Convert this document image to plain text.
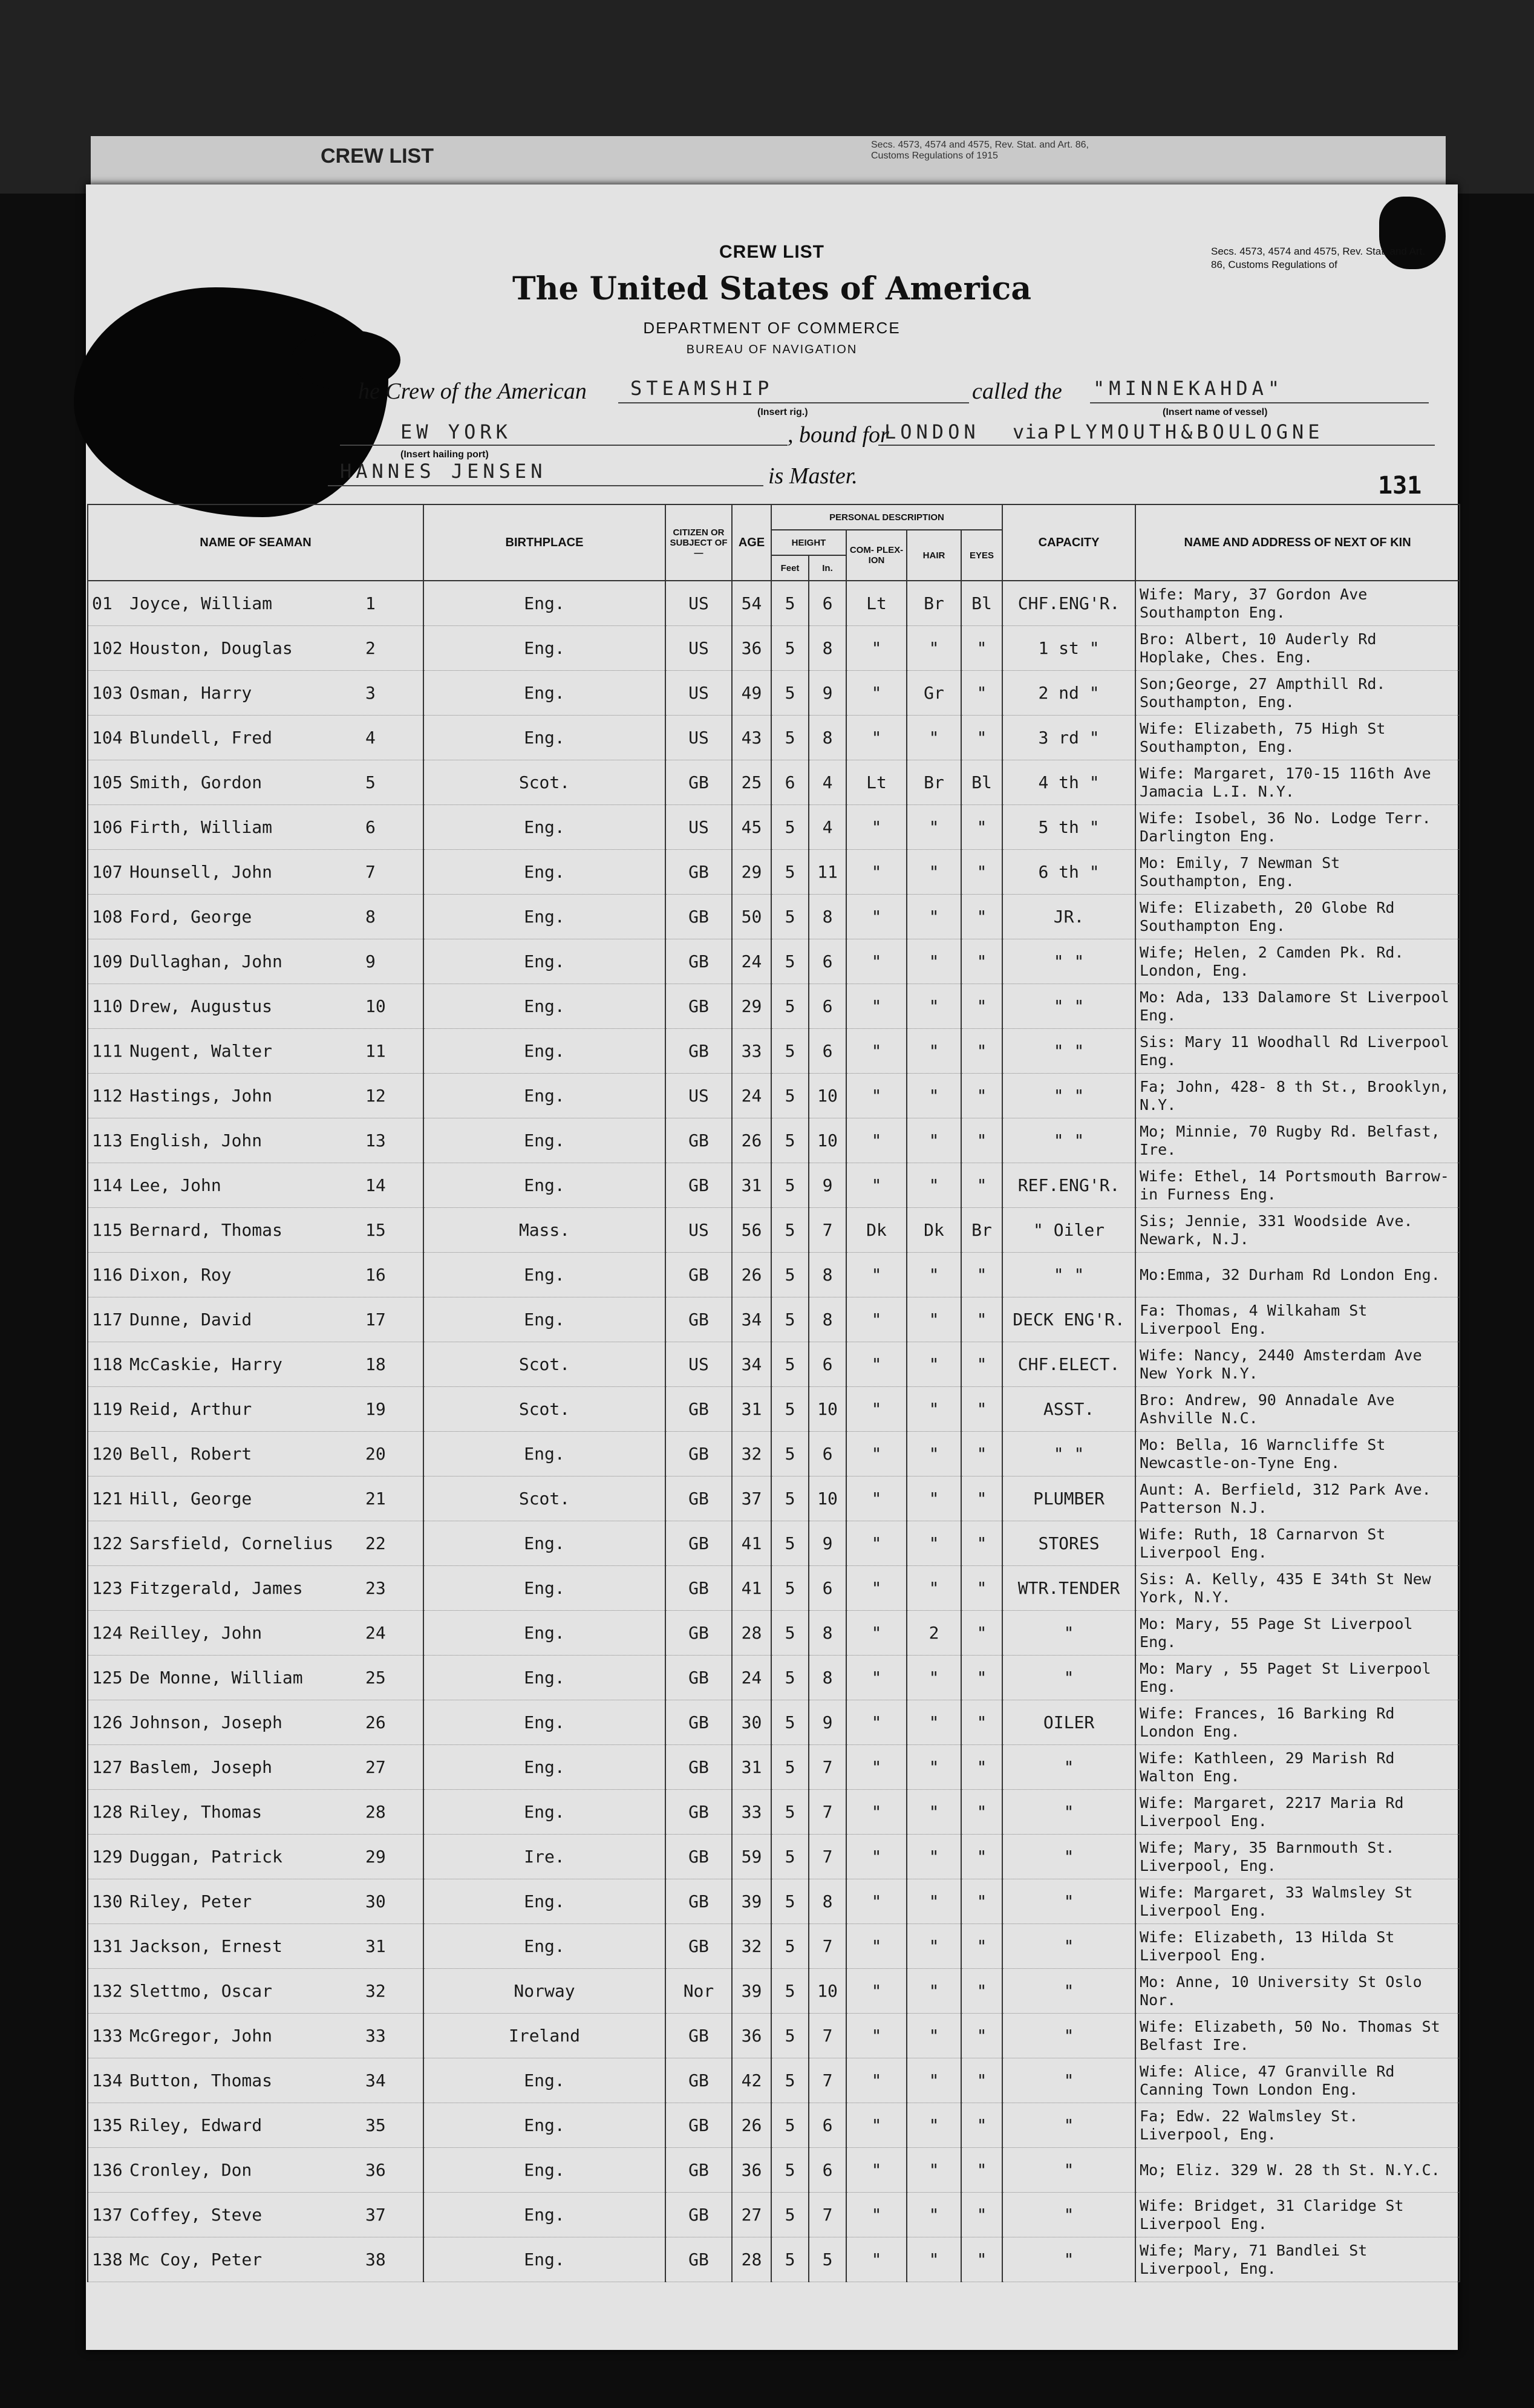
CREW LIST	Secs. 4573, 4574 and 4575, Rev. Stat. and Art. 86, Customs Regulations of 1915
CREW LIST
The United States of America
DEPARTMENT OF COMMERCE
BUREAU OF NAVIGATION
Secs. 4573, 4574 and 4575, Rev. Stat. and Art. 86, Customs Regulations of
he Crew of the American STEAMSHIP
(Insert rig.)
called the "MINNEKAHDA"
(Insert name of vessel)
EW YORK
(Insert hailing port)
, bound for
LONDON via PLYMOUTH&BOULOGNE
HANNES JENSEN	is Master.	131
NAME OF SEAMAN	BIRTHPLACE	CITIZEN OR SUBJECT OF—	AGE	PERSONAL DESCRIPTION					CAPACITY	NAME AND ADDRESS OF NEXT OF KIN
				HEIGHT		COM- PLEX- ION	HAIR	EYES		
				Feet	In.					
01 Joyce, William 1	Eng.	US	54	5	6	Lt	Br	Bl	CHF.ENG'R.	Wife: Mary, 37 Gordon Ave Southampton Eng.
102 Houston, Douglas 2	Eng.	US	36	5	8	"	"	"	1 st "	Bro: Albert, 10 Auderly Rd Hoplake, Ches. Eng.
103 Osman, Harry 3	Eng.	US	49	5	9	"	Gr	"	2 nd "	Son;George, 27 Ampthill Rd. Southampton, Eng.
104 Blundell, Fred 4	Eng.	US	43	5	8	"	"	"	3 rd "	Wife: Elizabeth, 75 High St Southampton, Eng.
105 Smith, Gordon 5	Scot.	GB	25	6	4	Lt	Br	Bl	4 th "	Wife: Margaret, 170-15 116th Ave Jamacia L.I. N.Y.
106 Firth, William 6	Eng.	US	45	5	4	"	"	"	5 th "	Wife: Isobel, 36 No. Lodge Terr. Darlington Eng.
107 Hounsell, John 7	Eng.	GB	29	5	11	"	"	"	6 th "	Mo: Emily, 7 Newman St Southampton, Eng.
108 Ford, George 8	Eng.	GB	50	5	8	"	"	"	JR.	Wife: Elizabeth, 20 Globe Rd Southampton Eng.
109 Dullaghan, John 9	Eng.	GB	24	5	6	"	"	"	" "	Wife; Helen, 2 Camden Pk. Rd. London, Eng.
110 Drew, Augustus 10	Eng.	GB	29	5	6	"	"	"	" "	Mo: Ada, 133 Dalamore St Liverpool Eng.
111 Nugent, Walter 11	Eng.	GB	33	5	6	"	"	"	" "	Sis: Mary 11 Woodhall Rd Liverpool Eng.
112 Hastings, John 12	Eng.	US	24	5	10	"	"	"	" "	Fa; John, 428- 8 th St., Brooklyn, N.Y.
113 English, John 13	Eng.	GB	26	5	10	"	"	"	" "	Mo; Minnie, 70 Rugby Rd. Belfast, Ire.
114 Lee, John 14	Eng.	GB	31	5	9	"	"	"	REF.ENG'R.	Wife: Ethel, 14 Portsmouth Barrow-in Furness Eng.
115 Bernard, Thomas 15	Mass.	US	56	5	7	Dk	Dk	Br	" Oiler	Sis; Jennie, 331 Woodside Ave. Newark, N.J.
116 Dixon, Roy 16	Eng.	GB	26	5	8	"	"	"	" "	Mo:Emma, 32 Durham Rd London Eng.
117 Dunne, David 17	Eng.	GB	34	5	8	"	"	"	DECK ENG'R.	Fa: Thomas, 4 Wilkaham St Liverpool Eng.
118 McCaskie, Harry 18	Scot.	US	34	5	6	"	"	"	CHF.ELECT.	Wife: Nancy, 2440 Amsterdam Ave New York N.Y.
119 Reid, Arthur 19	Scot.	GB	31	5	10	"	"	"	ASST.	Bro: Andrew, 90 Annadale Ave Ashville N.C.
120 Bell, Robert 20	Eng.	GB	32	5	6	"	"	"	" "	Mo: Bella, 16 Warncliffe St Newcastle-on-Tyne Eng.
121 Hill, George 21	Scot.	GB	37	5	10	"	"	"	PLUMBER	Aunt: A. Berfield, 312 Park Ave. Patterson N.J.
122 Sarsfield, Cornelius 22	Eng.	GB	41	5	9	"	"	"	STORES	Wife: Ruth, 18 Carnarvon St Liverpool Eng.
123 Fitzgerald, James 23	Eng.	GB	41	5	6	"	"	"	WTR.TENDER	Sis: A. Kelly, 435 E 34th St New York, N.Y.
124 Reilley, John 24	Eng.	GB	28	5	8	"	2	"	"	Mo: Mary, 55 Page St Liverpool Eng.
125 De Monne, William 25	Eng.	GB	24	5	8	"	"	"	"	Mo: Mary , 55 Paget St Liverpool Eng.
126 Johnson, Joseph 26	Eng.	GB	30	5	9	"	"	"	OILER	Wife: Frances, 16 Barking Rd London Eng.
127 Baslem, Joseph 27	Eng.	GB	31	5	7	"	"	"	"	Wife: Kathleen, 29 Marish Rd Walton Eng.
128 Riley, Thomas 28	Eng.	GB	33	5	7	"	"	"	"	Wife: Margaret, 2217 Maria Rd Liverpool Eng.
129 Duggan, Patrick 29	Ire.	GB	59	5	7	"	"	"	"	Wife; Mary, 35 Barnmouth St. Liverpool, Eng.
130 Riley, Peter 30	Eng.	GB	39	5	8	"	"	"	"	Wife: Margaret, 33 Walmsley St Liverpool Eng.
131 Jackson, Ernest 31	Eng.	GB	32	5	7	"	"	"	"	Wife: Elizabeth, 13 Hilda St Liverpool Eng.
132 Slettmo, Oscar 32	Norway	Nor	39	5	10	"	"	"	"	Mo: Anne, 10 University St Oslo Nor.
133 McGregor, John 33	Ireland	GB	36	5	7	"	"	"	"	Wife: Elizabeth, 50 No. Thomas St Belfast Ire.
134 Button, Thomas 34	Eng.	GB	42	5	7	"	"	"	"	Wife: Alice, 47 Granville Rd Canning Town London Eng.
135 Riley, Edward 35	Eng.	GB	26	5	6	"	"	"	"	Fa; Edw. 22 Walmsley St. Liverpool, Eng.
136 Cronley, Don 36	Eng.	GB	36	5	6	"	"	"	"	Mo; Eliz. 329 W. 28 th St. N.Y.C.
137 Coffey, Steve 37	Eng.	GB	27	5	7	"	"	"	"	Wife: Bridget, 31 Claridge St Liverpool Eng.
138 Mc Coy, Peter 38	Eng.	GB	28	5	5	"	"	"	"	Wife; Mary, 71 Bandlei St Liverpool, Eng.
